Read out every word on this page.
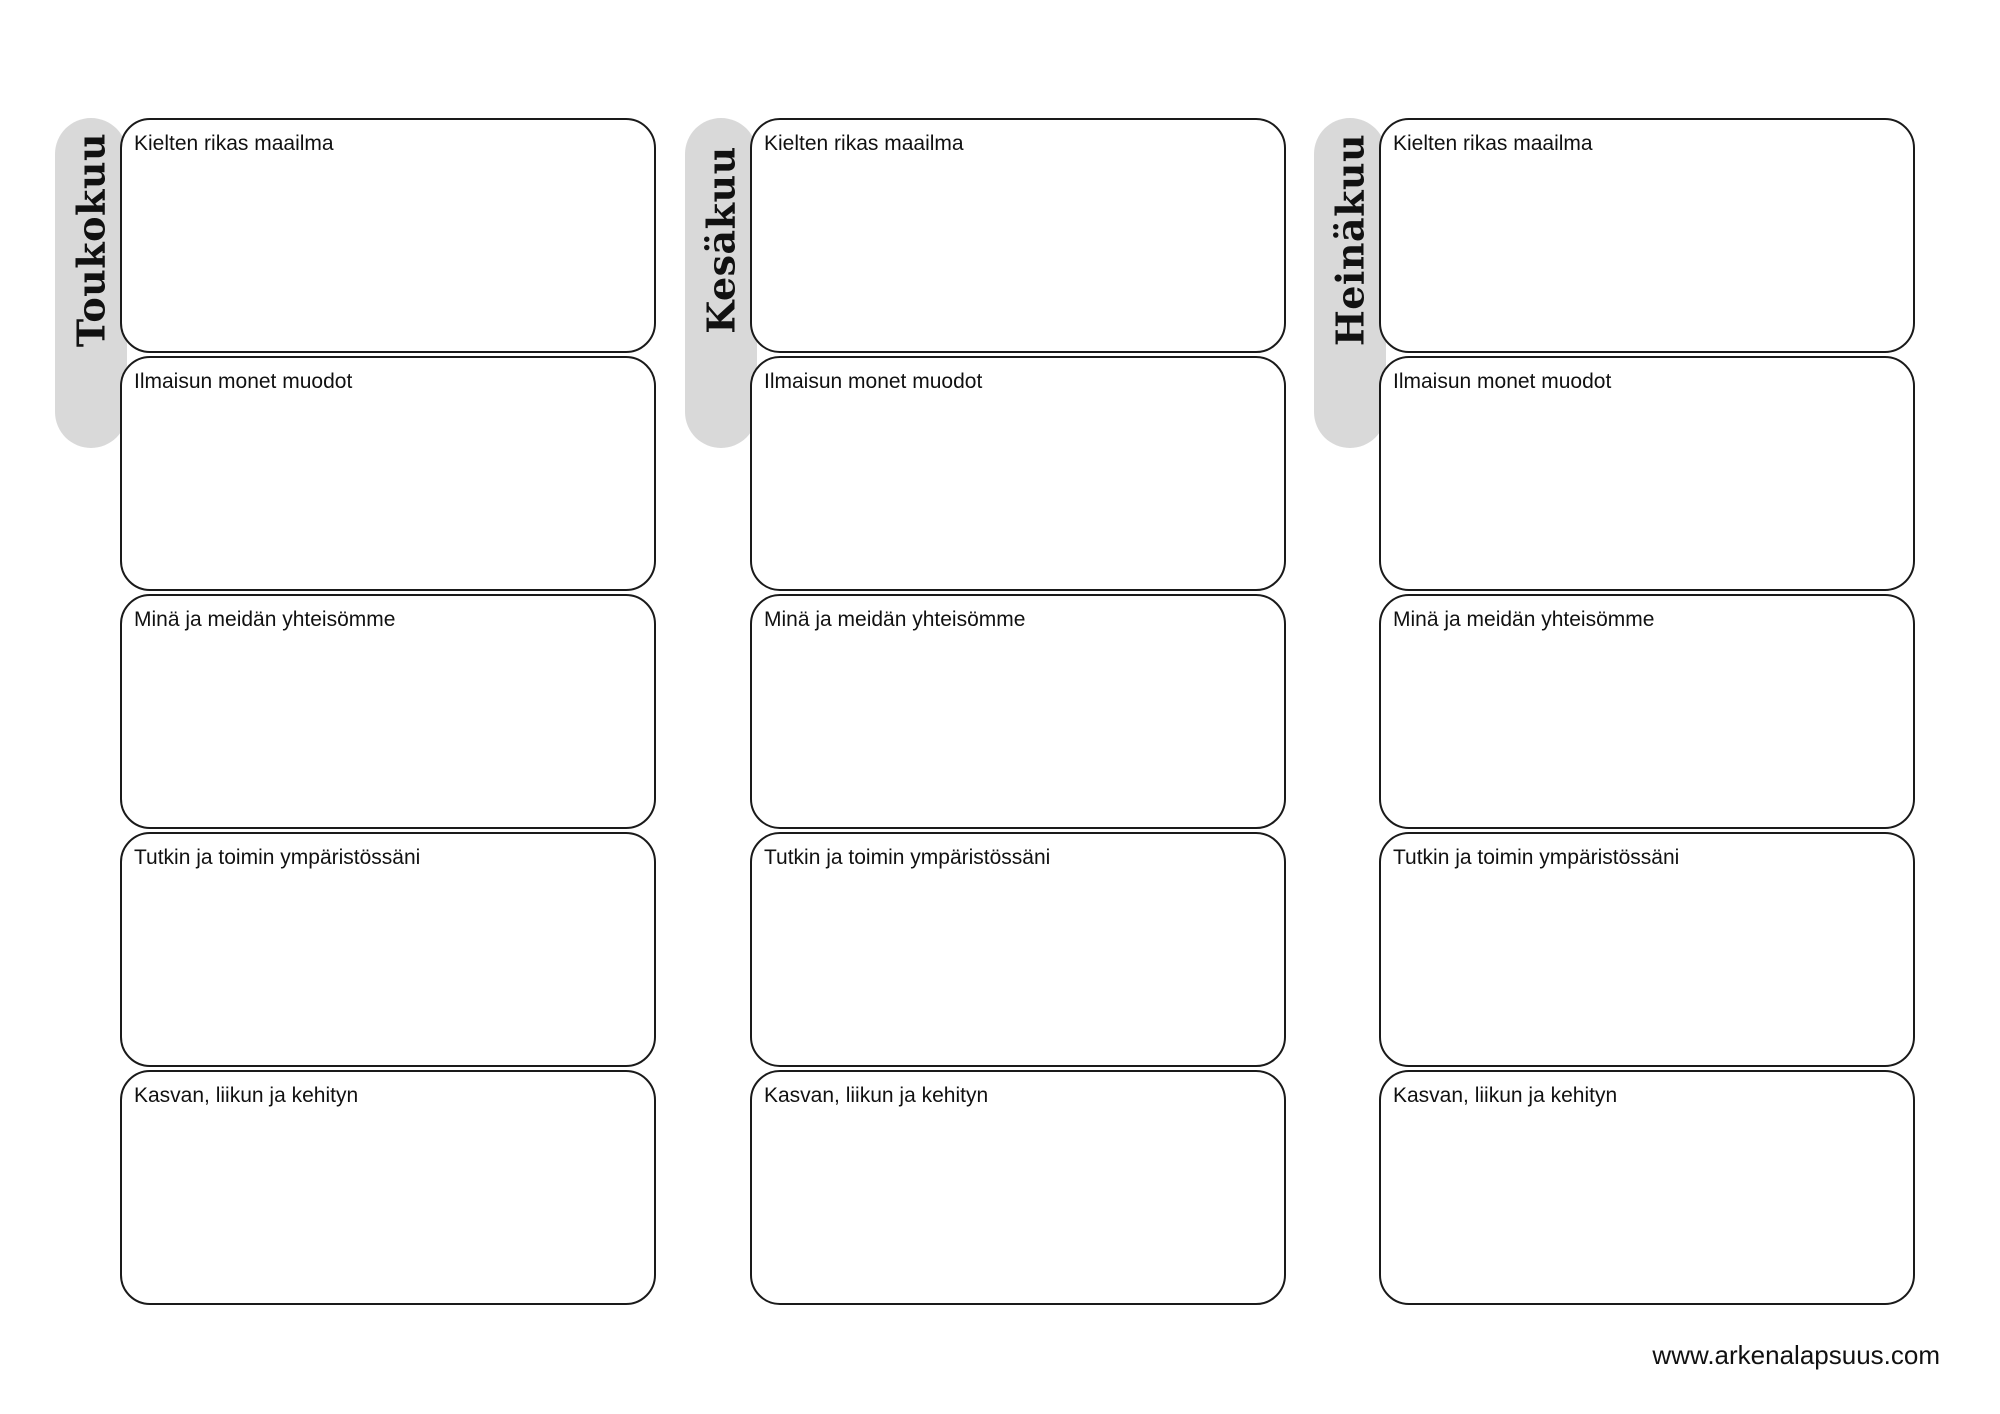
Toukokuu Kielten rikas maailma
Ilmaisun monet muodot
Minä ja meidän yhteisömme
Tutkin ja toimin ympäristössäni
Kasvan, liikun ja kehityn
Kesäkuu
Kielten rikas maailma
Ilmaisun monet muodot
Minä ja meidän yhteisömme
Tutkin ja toimin ympäristössäni
Kasvan, liikun ja kehityn
Heinäkuu Kielten rikas maailma
Ilmaisun monet muodot
Minä ja meidän yhteisömme
Tutkin ja toimin ympäristössäni
Kasvan, liikun ja kehityn
www.arkenalapsuus.com
